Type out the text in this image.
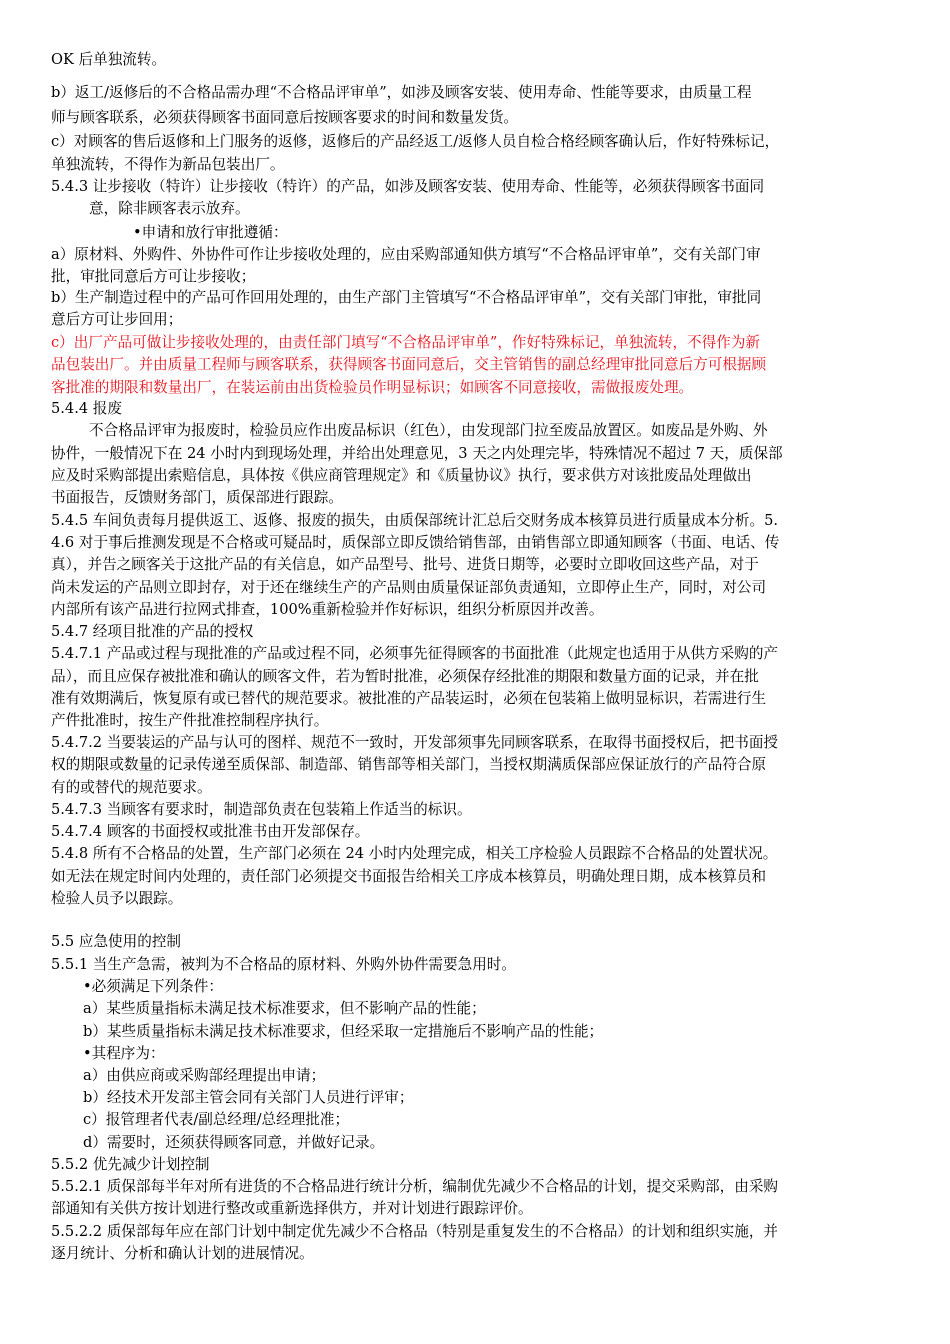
OK 后单独流转。
b）返工/返修后的不合格品需办理“不合格品评审单”，如涉及顾客安装、使用寿命、性能等要求，由质量工程
师与顾客联系，必须获得顾客书面同意后按顾客要求的时间和数量发货。
c）对顾客的售后返修和上门服务的返修，返修后的产品经返工/返修人员自检合格经顾客确认后，作好特殊标记，
单独流转，不得作为新品包装出厂。
5.4.3 让步接收（特许）让步接收（特许）的产品，如涉及顾客安装、使用寿命、性能等，必须获得顾客书面同
意，除非顾客表示放弃。
•申请和放行审批遵循：
a）原材料、外购件、外协件可作让步接收处理的，应由采购部通知供方填写“不合格品评审单”，交有关部门审
批，审批同意后方可让步接收；
b）生产制造过程中的产品可作回用处理的，由生产部门主管填写“不合格品评审单”，交有关部门审批，审批同
意后方可让步回用；
c）出厂产品可做让步接收处理的，由责任部门填写“不合格品评审单”，作好特殊标记，单独流转，不得作为新
品包装出厂。并由质量工程师与顾客联系，获得顾客书面同意后，交主管销售的副总经理审批同意后方可根据顾
客批准的期限和数量出厂，在装运前由出货检验员作明显标识；如顾客不同意接收，需做报废处理。
5.4.4 报废
不合格品评审为报废时，检验员应作出废品标识（红色），由发现部门拉至废品放置区。如废品是外购、外
协件，一般情况下在 24 小时内到现场处理，并给出处理意见，3 天之内处理完毕，特殊情况不超过 7 天，质保部
应及时采购部提出索赔信息，具体按《供应商管理规定》和《质量协议》执行，要求供方对该批废品处理做出
书面报告，反馈财务部门，质保部进行跟踪。
5.4.5 车间负责每月提供返工、返修、报废的损失，由质保部统计汇总后交财务成本核算员进行质量成本分析。5.
4.6 对于事后推测发现是不合格或可疑品时，质保部立即反馈给销售部，由销售部立即通知顾客（书面、电话、传
真），并告之顾客关于这批产品的有关信息，如产品型号、批号、进货日期等，必要时立即收回这些产品，对于
尚未发运的产品则立即封存，对于还在继续生产的产品则由质量保证部负责通知，立即停止生产，同时，对公司
内部所有该产品进行拉网式排查，100%重新检验并作好标识，组织分析原因并改善。
5.4.7 经项目批准的产品的授权
5.4.7.1 产品或过程与现批准的产品或过程不同，必须事先征得顾客的书面批准（此规定也适用于从供方采购的产
品），而且应保存被批准和确认的顾客文件，若为暂时批准，必须保存经批准的期限和数量方面的记录，并在批
准有效期满后，恢复原有或已替代的规范要求。被批准的产品装运时，必须在包装箱上做明显标识，若需进行生
产件批准时，按生产件批准控制程序执行。
5.4.7.2 当要装运的产品与认可的图样、规范不一致时，开发部须事先同顾客联系，在取得书面授权后，把书面授
权的期限或数量的记录传递至质保部、制造部、销售部等相关部门，当授权期满质保部应保证放行的产品符合原
有的或替代的规范要求。
5.4.7.3 当顾客有要求时，制造部负责在包装箱上作适当的标识。
5.4.7.4 顾客的书面授权或批准书由开发部保存。
5.4.8 所有不合格品的处置，生产部门必须在 24 小时内处理完成，相关工序检验人员跟踪不合格品的处置状况。
如无法在规定时间内处理的，责任部门必须提交书面报告给相关工序成本核算员，明确处理日期，成本核算员和
检验人员予以跟踪。
5.5 应急使用的控制
5.5.1 当生产急需，被判为不合格品的原材料、外购外协件需要急用时。
•必须满足下列条件：
a）某些质量指标未满足技术标准要求，但不影响产品的性能；
b）某些质量指标未满足技术标准要求，但经采取一定措施后不影响产品的性能；
•其程序为：
a）由供应商或采购部经理提出申请；
b）经技术开发部主管会同有关部门人员进行评审；
c）报管理者代表/副总经理/总经理批准；
d）需要时，还须获得顾客同意，并做好记录。
5.5.2 优先减少计划控制
5.5.2.1 质保部每半年对所有进货的不合格品进行统计分析，编制优先减少不合格品的计划，提交采购部，由采购
部通知有关供方按计划进行整改或重新选择供方，并对计划进行跟踪评价。
5.5.2.2 质保部每年应在部门计划中制定优先减少不合格品（特别是重复发生的不合格品）的计划和组织实施，并
逐月统计、分析和确认计划的进展情况。
